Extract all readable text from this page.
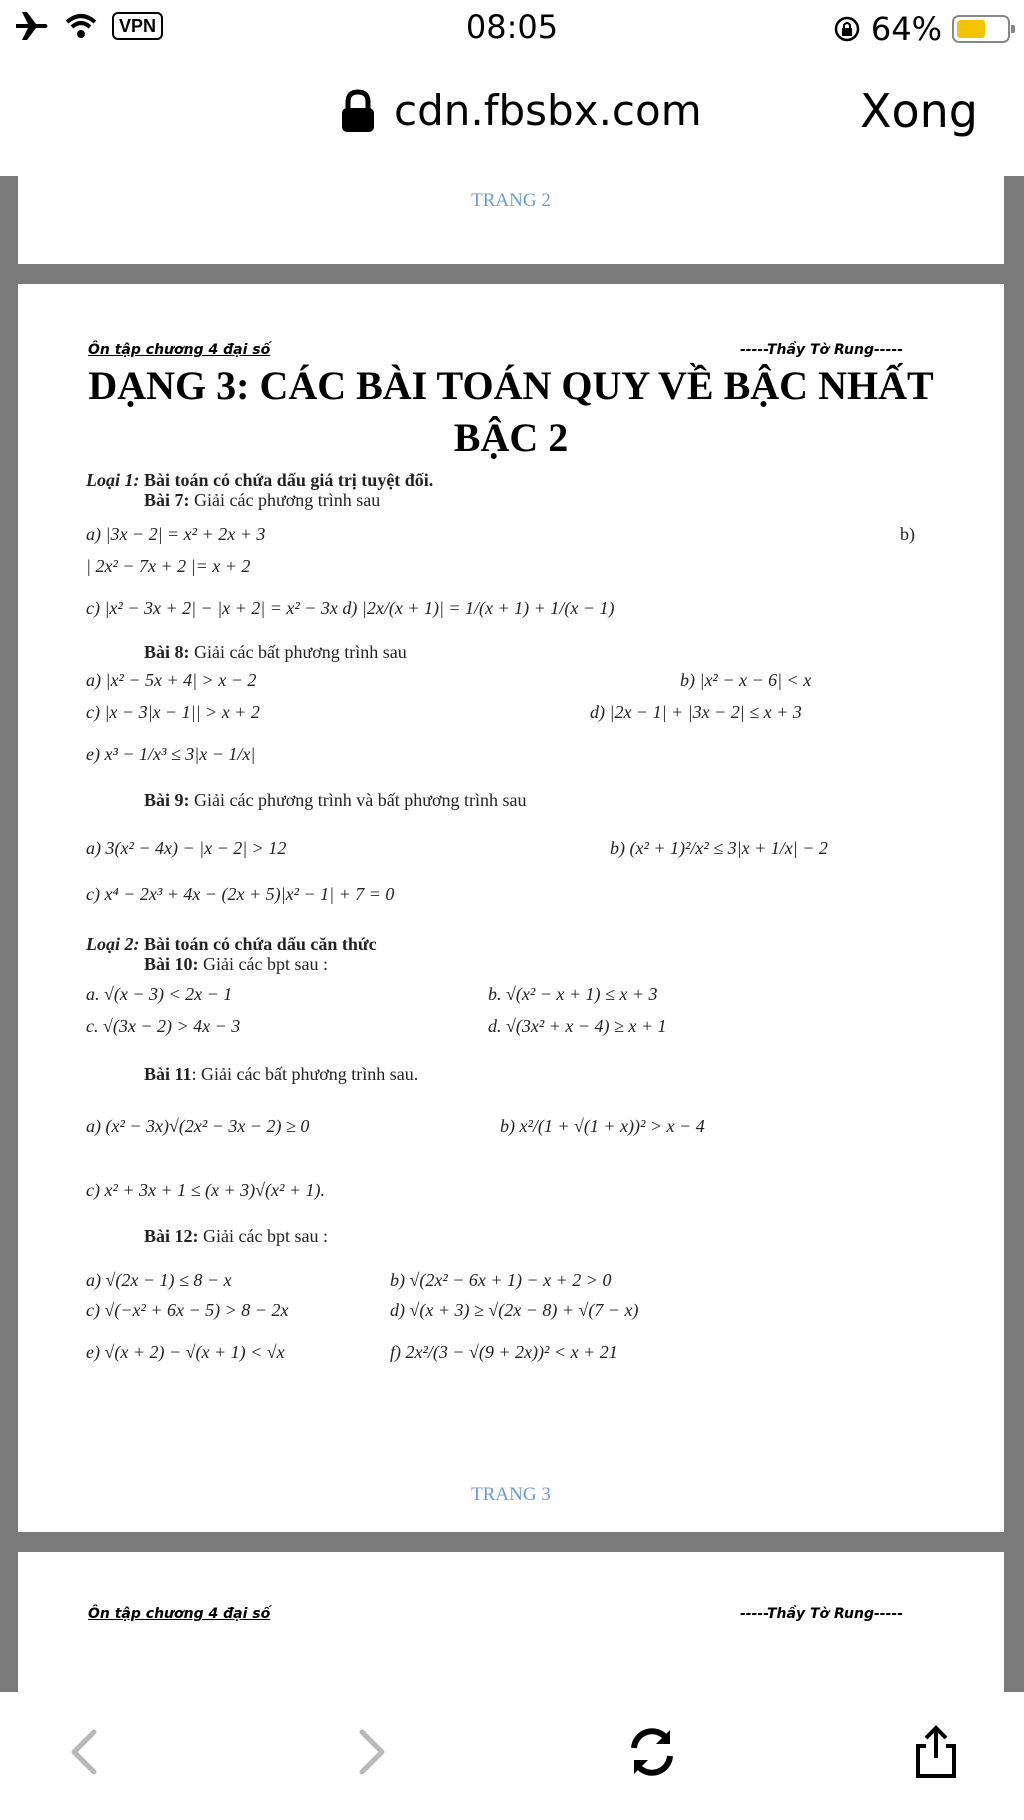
VPN	08:05	64%
cdn.fbsbx.com	Xong
TRANG 2
Ôn tập chương 4 đại số	-----Thầy Tờ Rung-----
DẠNG 3: CÁC BÀI TOÁN QUY VỀ BẬC NHẤT
BẬC 2
TRANG 3
Ôn tập chương 4 đại số	-----Thầy Tờ Rung-----
Loại 1: Bài toán có chứa dấu giá trị tuyệt đối.
Bài 7: Giải các phương trình sau
a) |3x − 2| = x² + 2x + 3	b)
| 2x² − 7x + 2 |= x + 2
c) |x² − 3x + 2| − |x + 2| = x² − 3x d) |2x/(x + 1)| = 1/(x + 1) + 1/(x − 1)
Bài 8: Giải các bất phương trình sau
a) |x² − 5x + 4| > x − 2	b) |x² − x − 6| < x
c) |x − 3|x − 1|| > x + 2	d) |2x − 1| + |3x − 2| ≤ x + 3
e) x³ − 1/x³ ≤ 3|x − 1/x|
Bài 9: Giải các phương trình và bất phương trình sau
a) 3(x² − 4x) − |x − 2| > 12	b) (x² + 1)²/x² ≤ 3|x + 1/x| − 2
c) x⁴ − 2x³ + 4x − (2x + 5)|x² − 1| + 7 = 0
Loại 2: Bài toán có chứa dấu căn thức
Bài 10: Giải các bpt sau :
a. √(x − 3) < 2x − 1	b. √(x² − x + 1) ≤ x + 3
c. √(3x − 2) > 4x − 3	d. √(3x² + x − 4) ≥ x + 1
Bài 11: Giải các bất phương trình sau.
a) (x² − 3x)√(2x² − 3x − 2) ≥ 0	b) x²/(1 + √(1 + x))² > x − 4
c) x² + 3x + 1 ≤ (x + 3)√(x² + 1).
Bài 12: Giải các bpt sau :
a) √(2x − 1) ≤ 8 − x	b) √(2x² − 6x + 1) − x + 2 > 0
c) √(−x² + 6x − 5) > 8 − 2x	d) √(x + 3) ≥ √(2x − 8) + √(7 − x)
e) √(x + 2) − √(x + 1) < √x	f) 2x²/(3 − √(9 + 2x))² < x + 21
